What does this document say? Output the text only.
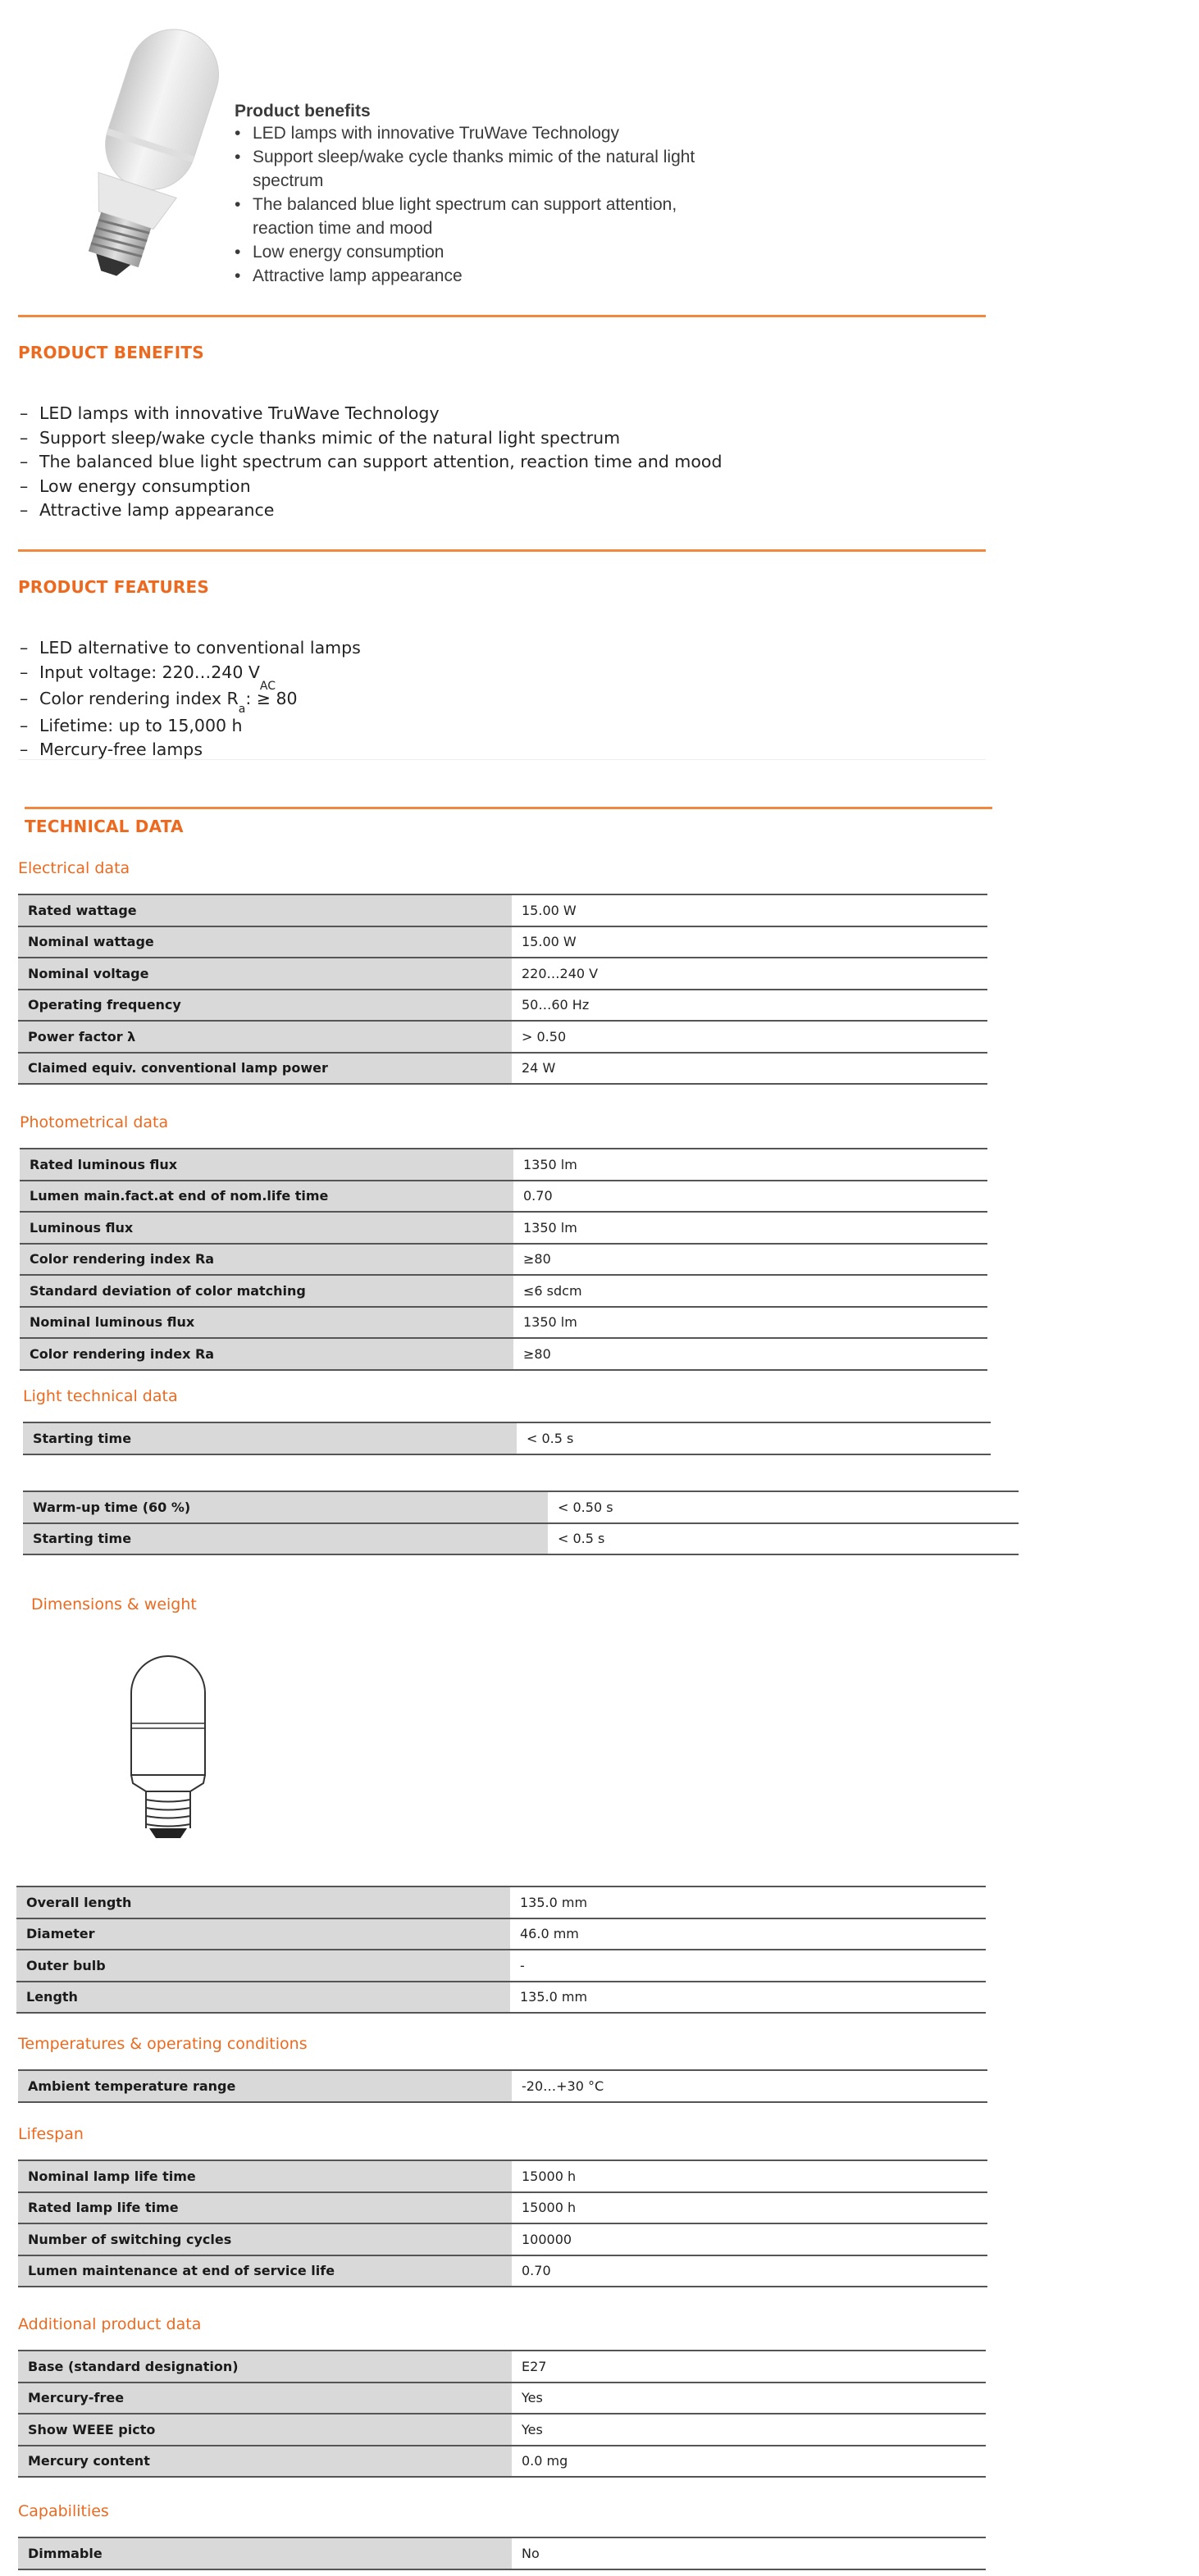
Product benefits
• LED lamps with innovative TruWave Technology
• Support sleep/wake cycle thanks mimic of the natural light spectrum
• The balanced blue light spectrum can support attention, reaction time and mood
• Low energy consumption
• Attractive lamp appearance
PRODUCT BENEFITS
– LED lamps with innovative TruWave Technology
– Support sleep/wake cycle thanks mimic of the natural light spectrum
– The balanced blue light spectrum can support attention, reaction time and mood
– Low energy consumption
– Attractive lamp appearance
PRODUCT FEATURES
– LED alternative to conventional lamps
– Input voltage: 220…240 $V_{AC}$
– Color rendering index $R_a$: ≥ 80
– Lifetime: up to 15,000 h
– Mercury-free lamps
TECHNICAL DATA
Electrical data
Rated wattage	15.00 W
Nominal wattage	15.00 W
Nominal voltage	220…240 V
Operating frequency	50…60 Hz
Power factor λ	> 0.50
Claimed equiv. conventional lamp power	24 W
Photometrical data
Rated luminous flux	1350 lm
Lumen main.fact.at end of nom.life time	0.70
Luminous flux	1350 lm
Color rendering index Ra	≥80
Standard deviation of color matching	≤6 sdcm
Nominal luminous flux	1350 lm
Color rendering index Ra	≥80
Light technical data
Starting time	< 0.5 s
Warm-up time (60 %)	< 0.50 s
Starting time	< 0.5 s
Dimensions & weight
Overall length	135.0 mm
Diameter	46.0 mm
Outer bulb	-
Length	135.0 mm
Temperatures & operating conditions
Ambient temperature range	-20…+30 °C
Lifespan
Nominal lamp life time	15000 h
Rated lamp life time	15000 h
Number of switching cycles	100000
Lumen maintenance at end of service life	0.70
Additional product data
Base (standard designation)	E27
Mercury-free	Yes
Show WEEE picto	Yes
Mercury content	0.0 mg
Capabilities
Dimmable	No
